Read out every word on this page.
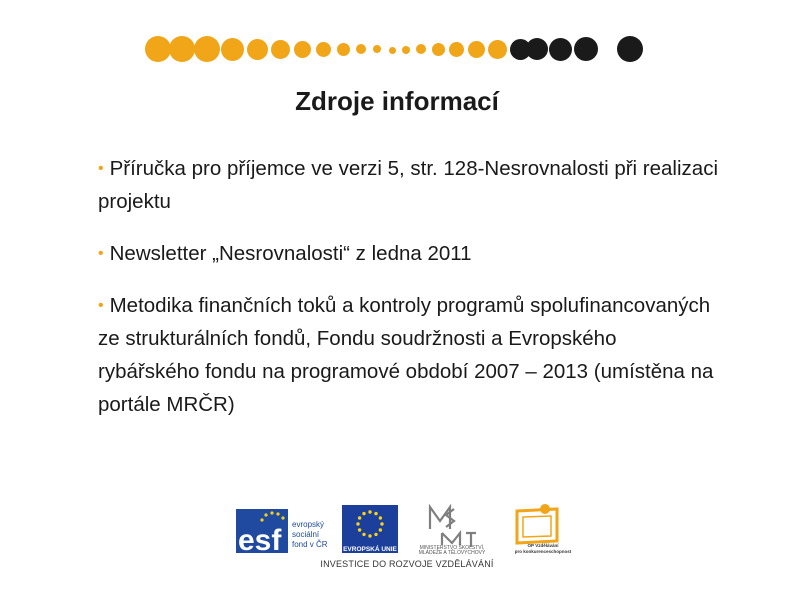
Zdroje informací

• Příručka pro příjemce ve verzi 5, str. 128-Nesrovnalosti při realizaci projektu

• Newsletter „Nesrovnalosti“ z ledna 2011

• Metodika finančních toků a kontroly programů spolufinancovaných ze strukturálních fondů, Fondu soudržnosti a Evropského rybářského fondu na programové období 2007 – 2013 (umístěna na portále MRČR)

esf evropský
sociální
fond v ČR
EVROPSKÁ UNIE	MINISTERSTVO ŠKOLSTVÍ,
MLÁDEŽE A TĚLOVÝCHOVY
OP Vzdělávání
pro konkurenceschopnost
INVESTICE DO ROZVOJE VZDĚLÁVÁNÍ
